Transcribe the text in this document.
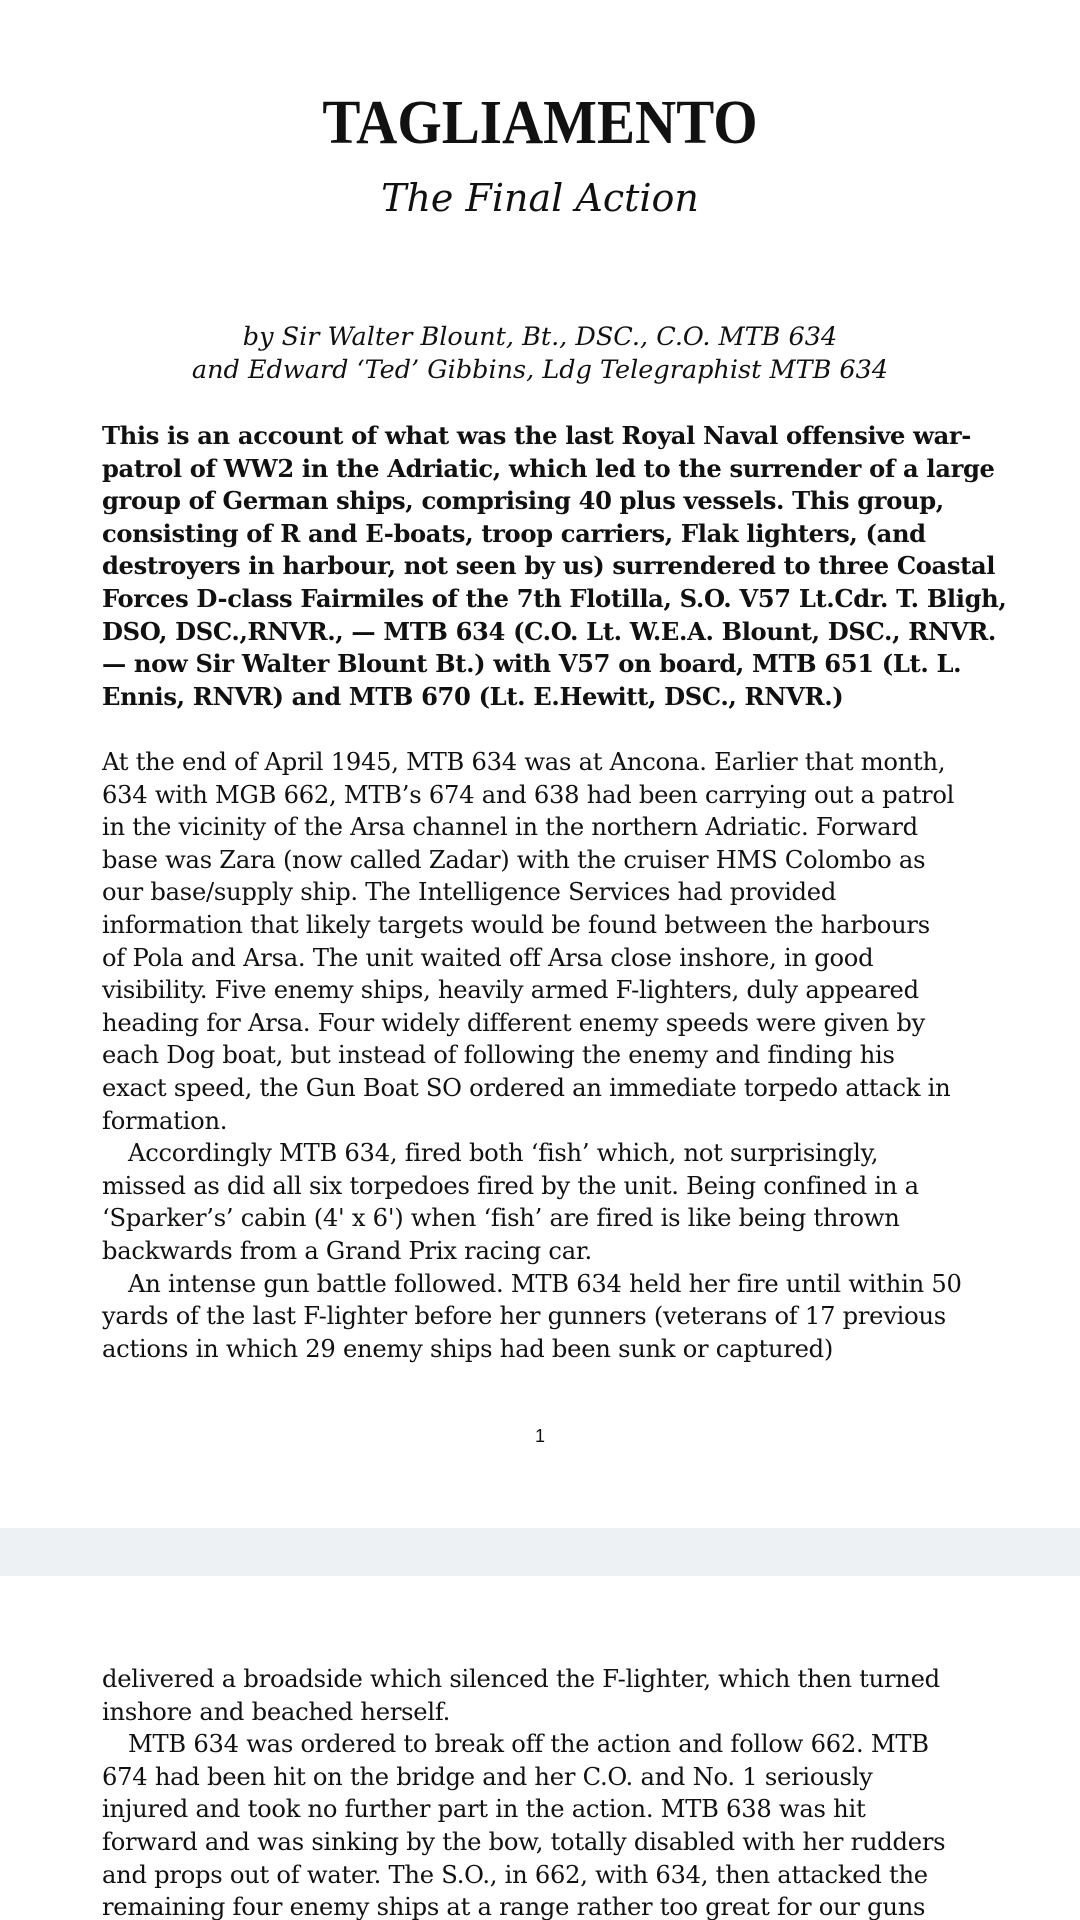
TAGLIAMENTO
The Final Action

by Sir Walter Blount, Bt., DSC., C.O. MTB 634

and Edward ‘Ted’ Gibbins, Ldg Telegraphist MTB 634

This is an account of what was the last Royal Naval offensive war-
patrol of WW2 in the Adriatic, which led to the surrender of a large
group of German ships, comprising 40 plus vessels. This group,
consisting of R and E-boats, troop carriers, Flak lighters, (and
destroyers in harbour, not seen by us) surrendered to three Coastal
Forces D-class Fairmiles of the 7th Flotilla, S.O. V57 Lt.Cdr. T. Bligh,
DSO, DSC.,RNVR., — MTB 634 (C.O. Lt. W.E.A. Blount, DSC., RNVR.
— now Sir Walter Blount Bt.) with V57 on board, MTB 651 (Lt. L.
Ennis, RNVR) and MTB 670 (Lt. E.Hewitt, DSC., RNVR.)
At the end of April 1945, MTB 634 was at Ancona. Earlier that month,
634 with MGB 662, MTB’s 674 and 638 had been carrying out a patrol
in the vicinity of the Arsa channel in the northern Adriatic. Forward
base was Zara (now called Zadar) with the cruiser HMS Colombo as
our base/supply ship. The Intelligence Services had provided
information that likely targets would be found between the harbours
of Pola and Arsa. The unit waited off Arsa close inshore, in good
visibility. Five enemy ships, heavily armed F-lighters, duly appeared
heading for Arsa. Four widely different enemy speeds were given by
each Dog boat, but instead of following the enemy and finding his
exact speed, the Gun Boat SO ordered an immediate torpedo attack in
formation.
Accordingly MTB 634, fired both ‘fish’ which, not surprisingly,
missed as did all six torpedoes fired by the unit. Being confined in a
‘Sparker’s’ cabin (4' x 6') when ‘fish’ are fired is like being thrown
backwards from a Grand Prix racing car.
An intense gun battle followed. MTB 634 held her fire until within 50
yards of the last F-lighter before her gunners (veterans of 17 previous
actions in which 29 enemy ships had been sunk or captured)

1

delivered a broadside which silenced the F-lighter, which then turned
inshore and beached herself.
MTB 634 was ordered to break off the action and follow 662. MTB
674 had been hit on the bridge and her C.O. and No. 1 seriously
injured and took no further part in the action. MTB 638 was hit
forward and was sinking by the bow, totally disabled with her rudders
and props out of water. The S.O., in 662, with 634, then attacked the
remaining four enemy ships at a range rather too great for our guns
